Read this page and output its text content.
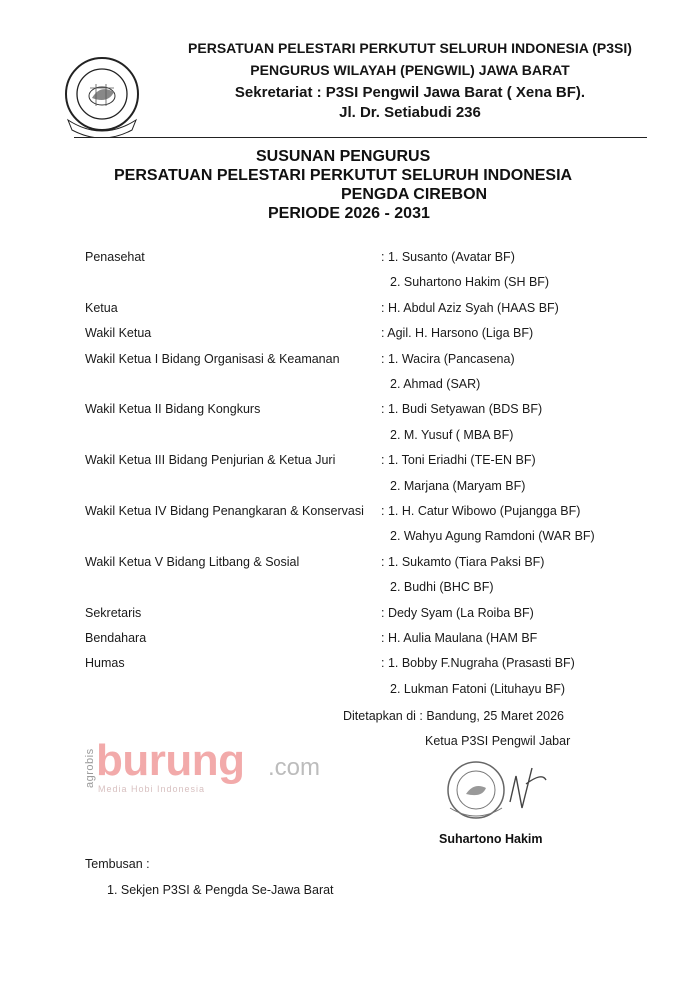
PERSATUAN PELESTARI PERKUTUT SELURUH INDONESIA (P3SI)
PENGURUS WILAYAH (PENGWIL) JAWA BARAT
Sekretariat : P3SI Pengwil Jawa Barat ( Xena BF).
Jl. Dr. Setiabudi 236
SUSUNAN PENGURUS
PERSATUAN PELESTARI PERKUTUT SELURUH INDONESIA
PENGDA CIREBON
PERIODE 2026 - 2031
Penasehat	: 1. Susanto (Avatar BF)
2. Suhartono Hakim (SH BF)
Ketua	: H. Abdul Aziz Syah (HAAS BF)
Wakil Ketua	: Agil. H. Harsono (Liga BF)
Wakil Ketua I Bidang Organisasi & Keamanan	: 1. Wacira (Pancasena)
2. Ahmad (SAR)
Wakil Ketua II Bidang Kongkurs	: 1. Budi Setyawan (BDS BF)
2. M. Yusuf ( MBA BF)
Wakil Ketua III Bidang Penjurian & Ketua Juri	: 1. Toni Eriadhi (TE-EN BF)
2. Marjana (Maryam BF)
Wakil Ketua IV Bidang Penangkaran & Konservasi : 1. H. Catur Wibowo (Pujangga BF)
2. Wahyu Agung Ramdoni (WAR BF)
Wakil Ketua V Bidang Litbang & Sosial	: 1. Sukamto (Tiara Paksi BF)
2. Budhi (BHC BF)
Sekretaris	: Dedy Syam (La Roiba BF)
Bendahara	: H. Aulia Maulana (HAM BF
Humas	: 1. Bobby F.Nugraha (Prasasti BF)
2. Lukman Fatoni (Lituhayu BF)
Ditetapkan di : Bandung, 25 Maret 2026
Ketua P3SI Pengwil Jabar
agrobis burung .com
Media Hobi Indonesia
Suhartono Hakim
Tembusan :
1. Sekjen P3SI & Pengda Se-Jawa Barat
